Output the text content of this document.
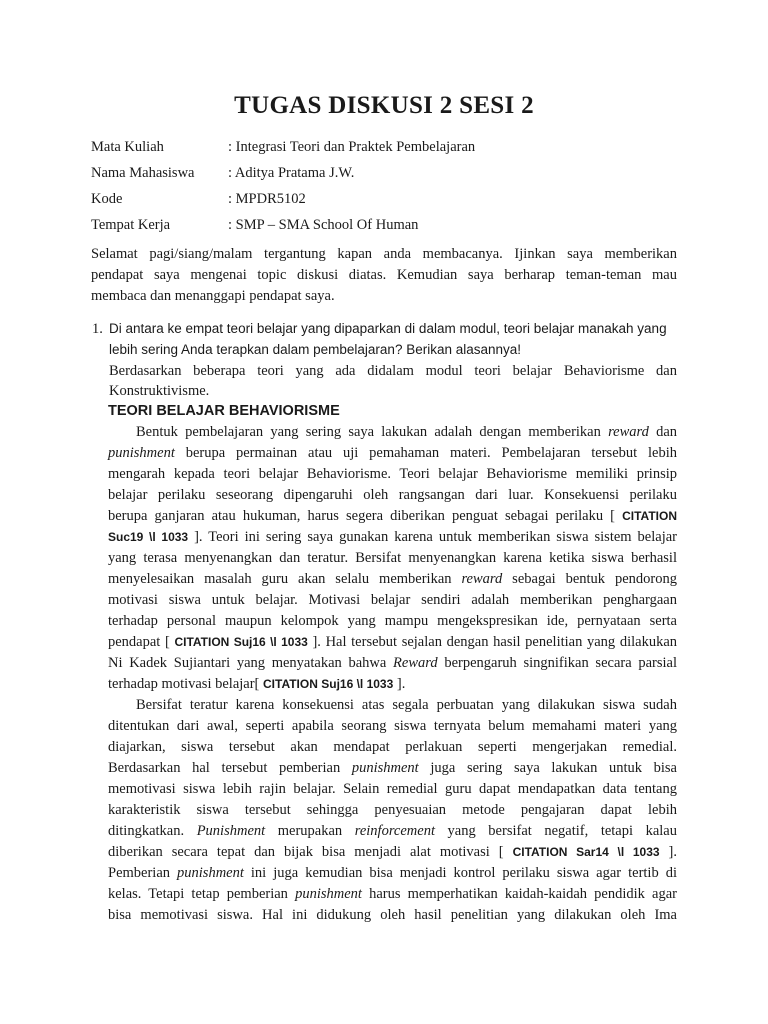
TUGAS DISKUSI 2 SESI 2
Mata Kuliah	: Integrasi Teori dan Praktek Pembelajaran
Nama Mahasiswa : Aditya Pratama J.W.
Kode	: MPDR5102
Tempat Kerja	: SMP – SMA School Of Human
Selamat pagi/siang/malam tergantung kapan anda membacanya. Ijinkan saya memberikan
pendapat saya mengenai topic diskusi diatas. Kemudian saya berharap teman-teman mau
membaca dan menanggapi pendapat saya.
1. Di antara ke empat teori belajar yang dipaparkan di dalam modul, teori belajar manakah yang
lebih sering Anda terapkan dalam pembelajaran? Berikan alasannya!
Berdasarkan beberapa teori yang ada didalam modul teori belajar Behaviorisme dan
Konstruktivisme.
TEORI BELAJAR BEHAVIORISME
Bentuk pembelajaran yang sering saya lakukan adalah dengan memberikan reward dan
punishment berupa permainan atau uji pemahaman materi. Pembelajaran tersebut lebih
mengarah kepada teori belajar Behaviorisme. Teori belajar Behaviorisme memiliki prinsip
belajar perilaku seseorang dipengaruhi oleh rangsangan dari luar. Konsekuensi perilaku
berupa ganjaran atau hukuman, harus segera diberikan penguat sebagai perilaku [ CITATION
Suc19 \l 1033 ]. Teori ini sering saya gunakan karena untuk memberikan siswa sistem belajar
yang terasa menyenangkan dan teratur. Bersifat menyenangkan karena ketika siswa berhasil
menyelesaikan masalah guru akan selalu memberikan reward sebagai bentuk pendorong
motivasi siswa untuk belajar. Motivasi belajar sendiri adalah memberikan penghargaan
terhadap personal maupun kelompok yang mampu mengekspresikan ide, pernyataan serta
pendapat [ CITATION Suj16 \l 1033 ]. Hal tersebut sejalan dengan hasil penelitian yang dilakukan
Ni Kadek Sujiantari yang menyatakan bahwa Reward berpengaruh singnifikan secara parsial
terhadap motivasi belajar[ CITATION Suj16 \l 1033 ].
Bersifat teratur karena konsekuensi atas segala perbuatan yang dilakukan siswa sudah
ditentukan dari awal, seperti apabila seorang siswa ternyata belum memahami materi yang
diajarkan, siswa tersebut akan mendapat perlakuan seperti mengerjakan remedial.
Berdasarkan hal tersebut pemberian punishment juga sering saya lakukan untuk bisa
memotivasi siswa lebih rajin belajar. Selain remedial guru dapat mendapatkan data tentang
karakteristik siswa tersebut sehingga penyesuaian metode pengajaran dapat lebih
ditingkatkan. Punishment merupakan reinforcement yang bersifat negatif, tetapi kalau
diberikan secara tepat dan bijak bisa menjadi alat motivasi [ CITATION Sar14 \l 1033 ].
Pemberian punishment ini juga kemudian bisa menjadi kontrol perilaku siswa agar tertib di
kelas. Tetapi tetap pemberian punishment harus memperhatikan kaidah-kaidah pendidik agar
bisa memotivasi siswa. Hal ini didukung oleh hasil penelitian yang dilakukan oleh Ima
